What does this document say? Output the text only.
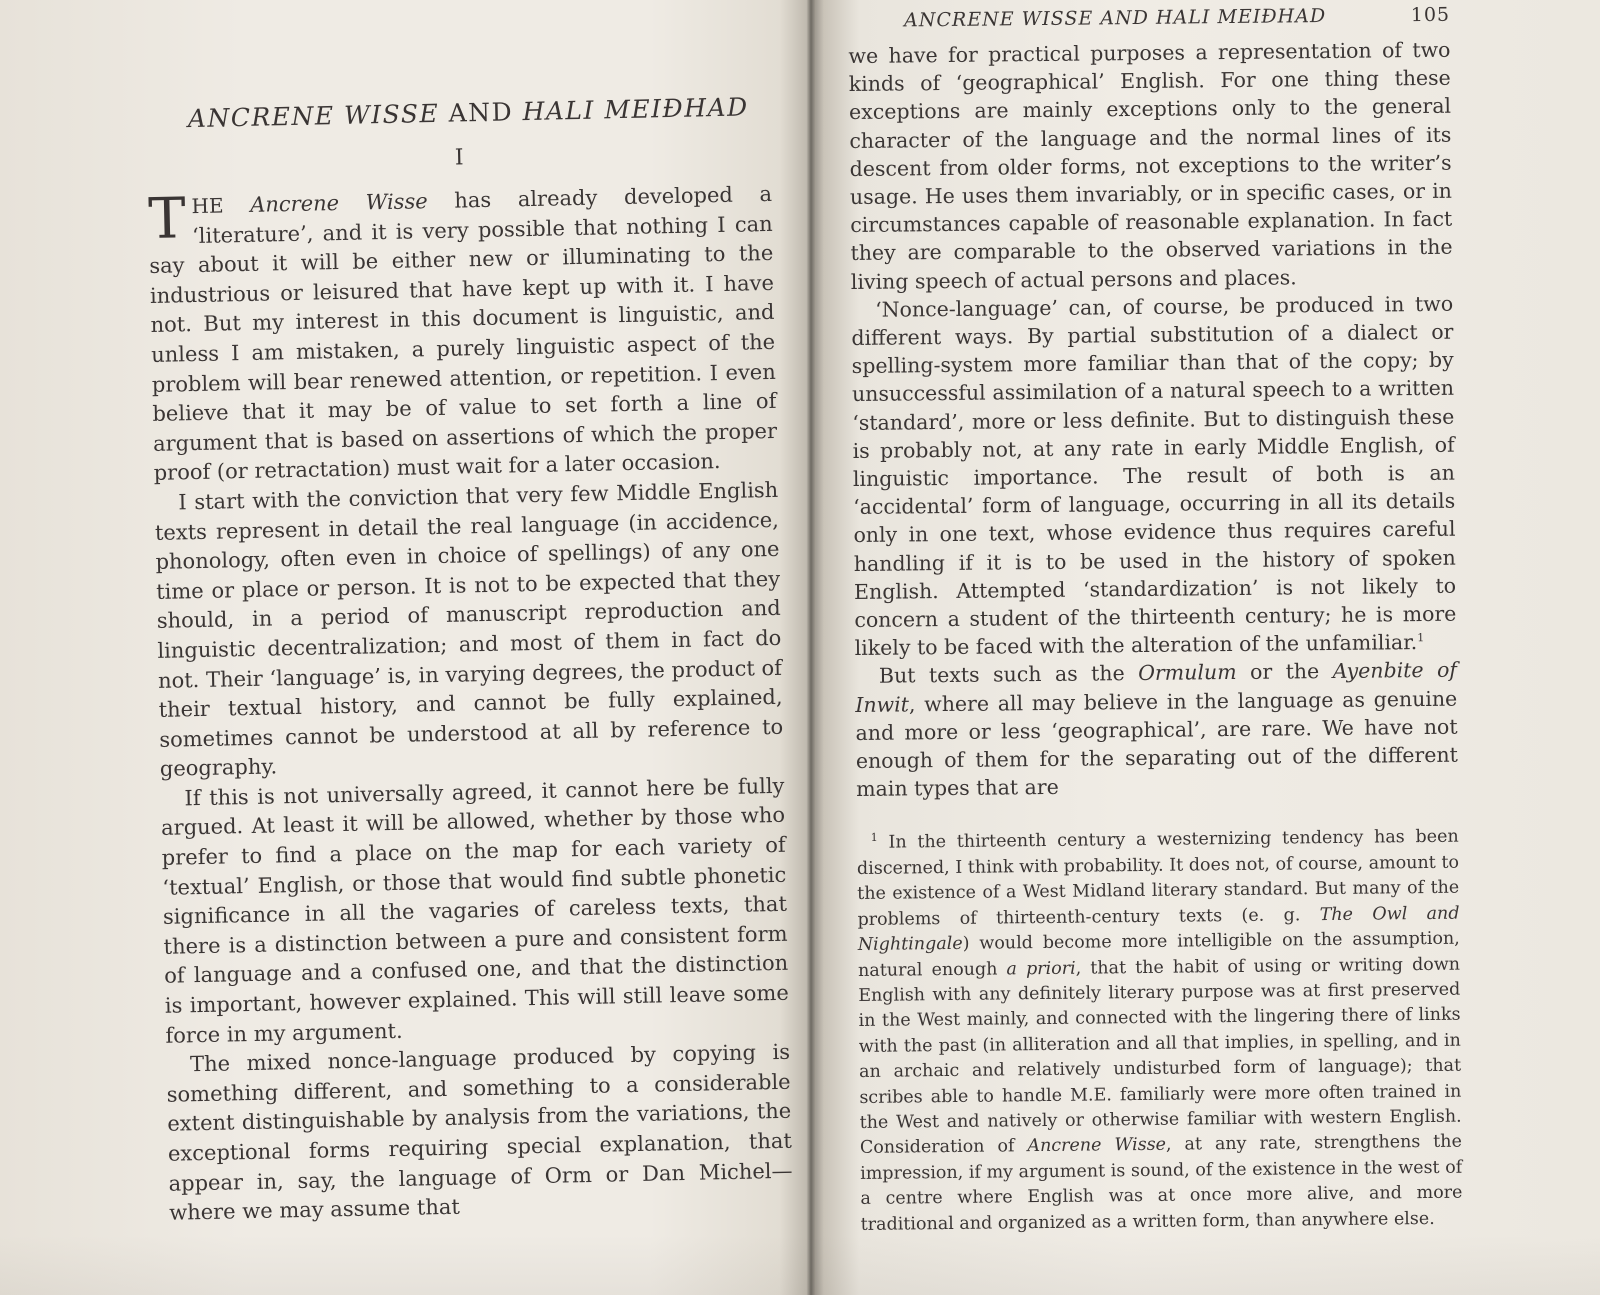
ANCRENE WISSE AND HALI MEIÐHAD
I

THE Ancrene Wisse has already developed a ‘literature’, and it is very possible that nothing I can say about it will be either new or illuminating to the industrious or leisured that have kept up with it. I have not. But my interest in this document is linguistic, and unless I am mistaken, a purely linguistic aspect of the problem will bear renewed attention, or repetition. I even believe that it may be of value to set forth a line of argument that is based on assertions of which the proper proof (or retractation) must wait for a later occasion.

I start with the conviction that very few Middle English texts represent in detail the real language (in accidence, phonology, often even in choice of spellings) of any one time or place or person. It is not to be expected that they should, in a period of manuscript reproduction and linguistic decentralization; and most of them in fact do not. Their ‘language’ is, in varying degrees, the product of their textual history, and cannot be fully explained, sometimes cannot be understood at all by reference to geography.

If this is not universally agreed, it cannot here be fully argued. At least it will be allowed, whether by those who prefer to find a place on the map for each variety of ‘textual’ English, or those that would find subtle phonetic significance in all the vagaries of careless texts, that there is a distinction between a pure and consistent form of language and a confused one, and that the distinction is important, however explained. This will still leave some force in my argument.

The mixed nonce-language produced by copying is something different, and something to a considerable extent distinguishable by analysis from the variations, the exceptional forms requiring special explanation, that appear in, say, the language of Orm or Dan Michel—where we may assume that

ANCRENE WISSE AND HALI MEIÐHAD	105

we have for practical purposes a representation of two kinds of ‘geographical’ English. For one thing these exceptions are mainly exceptions only to the general character of the language and the normal lines of its descent from older forms, not exceptions to the writer’s usage. He uses them invariably, or in specific cases, or in circumstances capable of reasonable explanation. In fact they are comparable to the observed variations in the living speech of actual persons and places.

‘Nonce-language’ can, of course, be produced in two different ways. By partial substitution of a dialect or spelling-system more familiar than that of the copy; by unsuccessful assimilation of a natural speech to a written ‘standard’, more or less definite. But to distinguish these is probably not, at any rate in early Middle English, of linguistic importance. The result of both is an ‘accidental’ form of language, occurring in all its details only in one text, whose evidence thus requires careful handling if it is to be used in the history of spoken English. Attempted ‘standardization’ is not likely to concern a student of the thirteenth century; he is more likely to be faced with the alteration of the unfamiliar.$^1$

But texts such as the Ormulum or the Ayenbite of Inwit, where all may believe in the language as genuine and more or less ‘geographical’, are rare. We have not enough of them for the separating out of the different main types that are

$^1$ In the thirteenth century a westernizing tendency has been discerned, I think with probability. It does not, of course, amount to the existence of a West Midland literary standard. But many of the problems of thirteenth-century texts (e. g. The Owl and Nightingale) would become more intelligible on the assumption, natural enough a priori, that the habit of using or writing down English with any definitely literary purpose was at first preserved in the West mainly, and connected with the lingering there of links with the past (in alliteration and all that implies, in spelling, and in an archaic and relatively undisturbed form of language); that scribes able to handle M.E. familiarly were more often trained in the West and natively or otherwise familiar with western English. Consideration of Ancrene Wisse, at any rate, strengthens the impression, if my argument is sound, of the existence in the west of a centre where English was at once more alive, and more traditional and organized as a written form, than anywhere else.
